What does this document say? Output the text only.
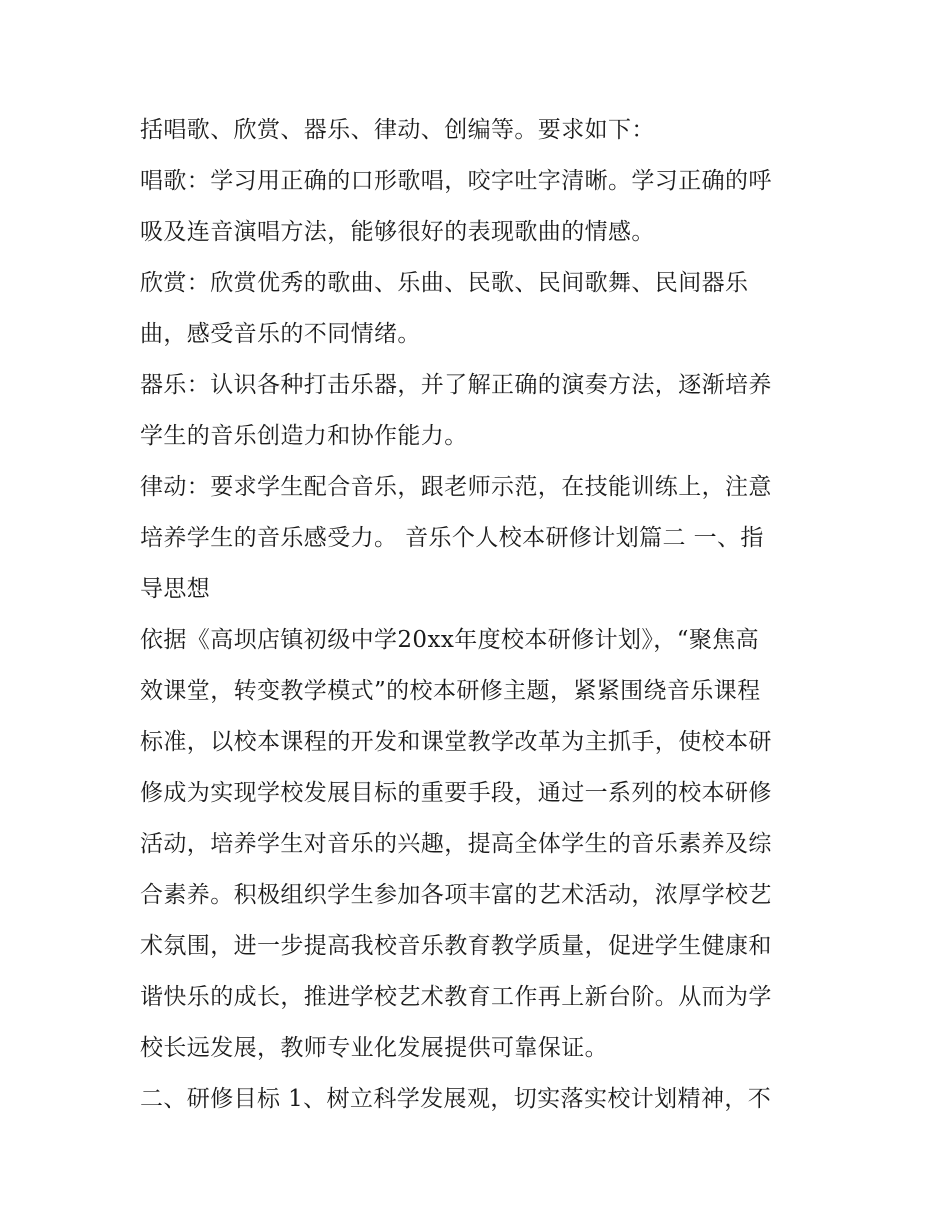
括唱歌、欣赏、器乐、律动、创编等。要求如下：
唱歌：学习用正确的口形歌唱，咬字吐字清晰。学习正确的呼
吸及连音演唱方法，能够很好的表现歌曲的情感。
欣赏：欣赏优秀的歌曲、乐曲、民歌、民间歌舞、民间器乐
曲，感受音乐的不同情绪。
器乐：认识各种打击乐器，并了解正确的演奏方法，逐渐培养
学生的音乐创造力和协作能力。
律动：要求学生配合音乐，跟老师示范，在技能训练上，注意
培养学生的音乐感受力。 音乐个人校本研修计划篇二 一、指
导思想
依据《高坝店镇初级中学20xx年度校本研修计划》，“聚焦高
效课堂，转变教学模式”的校本研修主题，紧紧围绕音乐课程
标准，以校本课程的开发和课堂教学改革为主抓手，使校本研
修成为实现学校发展目标的重要手段，通过一系列的校本研修
活动，培养学生对音乐的兴趣，提高全体学生的音乐素养及综
合素养。积极组织学生参加各项丰富的艺术活动，浓厚学校艺
术氛围，进一步提高我校音乐教育教学质量，促进学生健康和
谐快乐的成长，推进学校艺术教育工作再上新台阶。从而为学
校长远发展，教师专业化发展提供可靠保证。
二、研修目标 1、树立科学发展观，切实落实校计划精神，不
